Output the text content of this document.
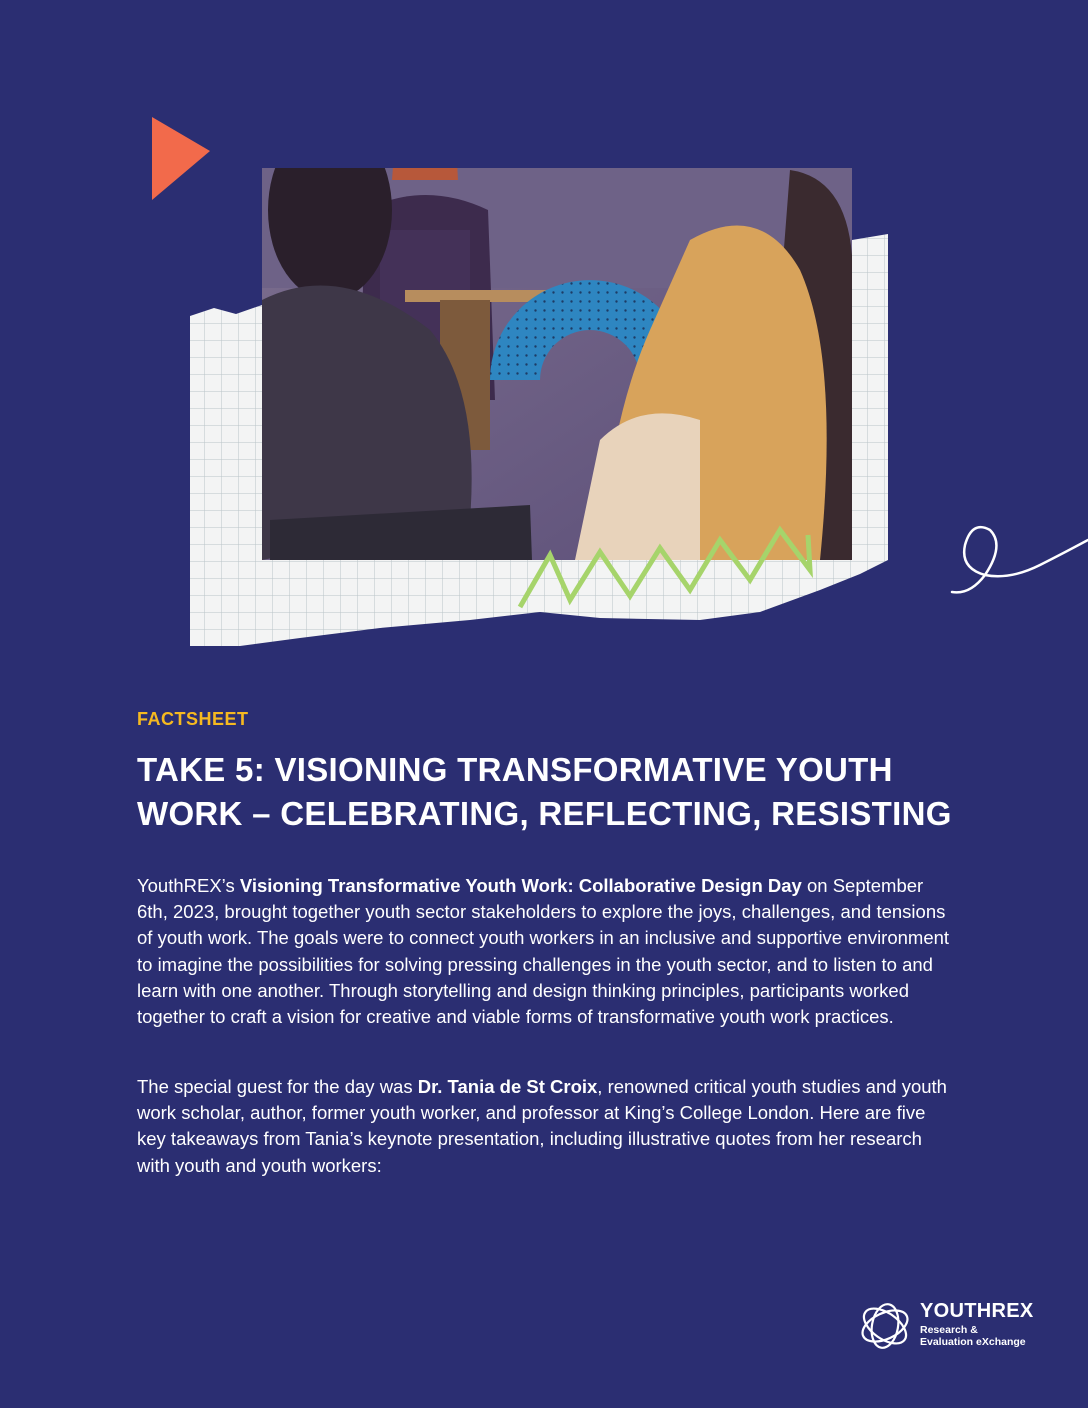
FACTSHEET
TAKE 5: VISIONING TRANSFORMATIVE YOUTH WORK – CELEBRATING, REFLECTING, RESISTING
YouthREX’s Visioning Transformative Youth Work: Collaborative Design Day on September 6th, 2023, brought together youth sector stakeholders to explore the joys, challenges, and tensions of youth work. The goals were to connect youth workers in an inclusive and supportive environment to imagine the possibilities for solving pressing challenges in the youth sector, and to listen to and learn with one another. Through storytelling and design thinking principles, participants worked together to craft a vision for creative and viable forms of transformative youth work practices.
The special guest for the day was Dr. Tania de St Croix, renowned critical youth studies and youth work scholar, author, former youth worker, and professor at King’s College London. Here are five key takeaways from Tania’s keynote presentation, including illustrative quotes from her research with youth and youth workers:
YOUTHREX
Research &
Evaluation eXchange
